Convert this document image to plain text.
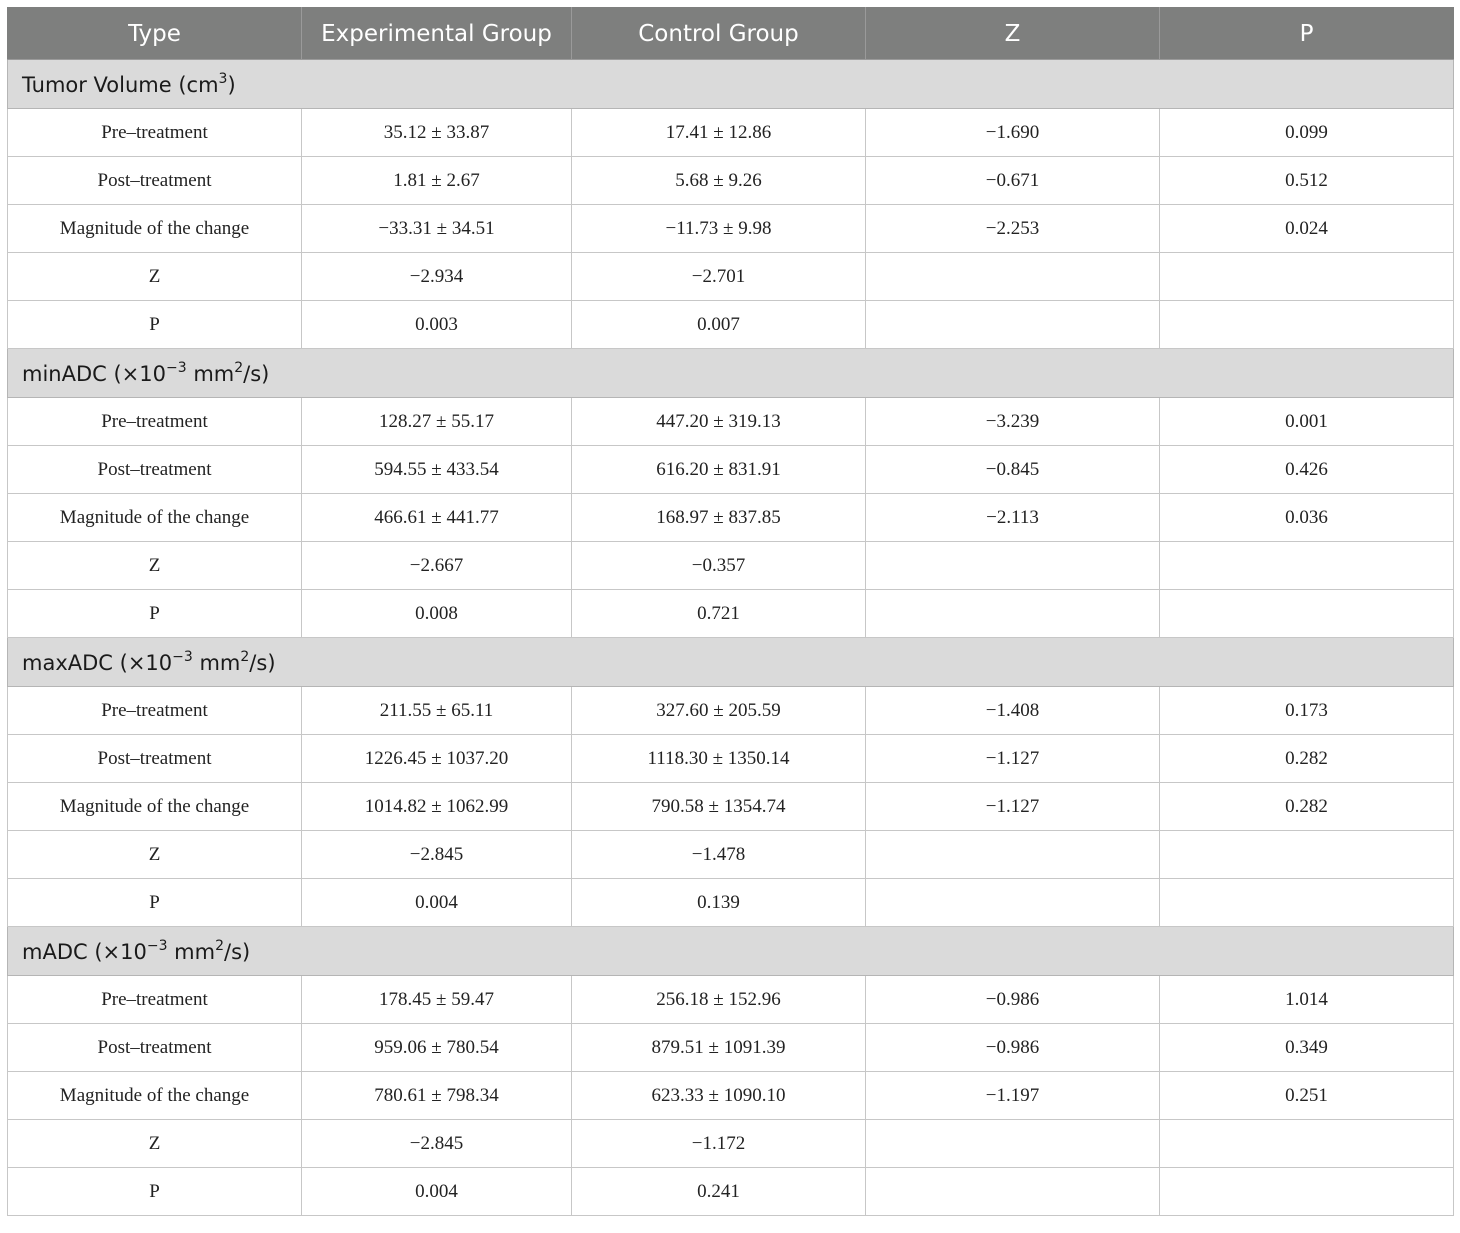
Type	Experimental Group	Control Group	Z	P
Tumor Volume $(cm^3)$				
Pre–treatment	35.12 ± 33.87	17.41 ± 12.86	−1.690	0.099
Post–treatment	1.81 ± 2.67	5.68 ± 9.26	−0.671	0.512
Magnitude of the change	−33.31 ± 34.51	−11.73 ± 9.98	−2.253	0.024
Z	−2.934	−2.701		
P	0.003	0.007		
minADC ($\times 10^{-3}$ $mm^2/s$)				
Pre–treatment	128.27 ± 55.17	447.20 ± 319.13	−3.239	0.001
Post–treatment	594.55 ± 433.54	616.20 ± 831.91	−0.845	0.426
Magnitude of the change	466.61 ± 441.77	168.97 ± 837.85	−2.113	0.036
Z	−2.667	−0.357		
P	0.008	0.721		
maxADC ($\times 10^{-3}$ $mm^2/s$)				
Pre–treatment	211.55 ± 65.11	327.60 ± 205.59	−1.408	0.173
Post–treatment	1226.45 ± 1037.20	1118.30 ± 1350.14	−1.127	0.282
Magnitude of the change	1014.82 ± 1062.99	790.58 ± 1354.74	−1.127	0.282
Z	−2.845	−1.478		
P	0.004	0.139		
mADC ($\times 10^{-3}$ $mm^2/s$)				
Pre–treatment	178.45 ± 59.47	256.18 ± 152.96	−0.986	1.014
Post–treatment	959.06 ± 780.54	879.51 ± 1091.39	−0.986	0.349
Magnitude of the change	780.61 ± 798.34	623.33 ± 1090.10	−1.197	0.251
Z	−2.845	−1.172		
P	0.004	0.241		
